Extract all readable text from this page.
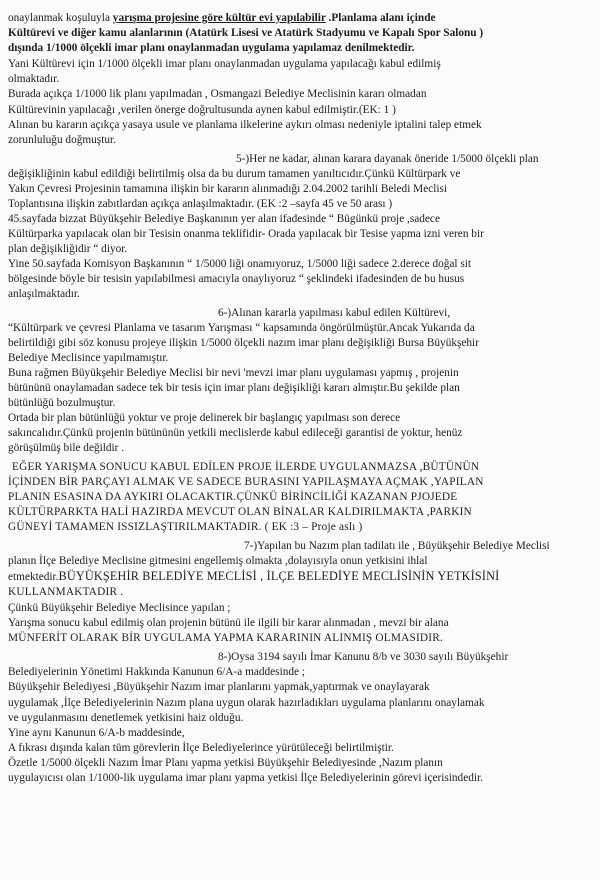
onaylanmak koşuluyla yarışma projesine göre kültür evi yapılabilir .Planlama alanı içinde
Kültürevi ve diğer kamu alanlarının (Atatürk Lisesi ve Atatürk Stadyumu ve Kapalı Spor Salonu )
dışında 1/1000 ölçekli imar planı onaylanmadan uygulama yapılamaz denilmektedir.
Yani Kültürevi için 1/1000 ölçekli imar planı onaylanmadan uygulama yapılacağı kabul edilmiş
olmaktadır.
Burada açıkça 1/1000 lik planı yapılmadan , Osmangazi Belediye Meclisinin kararı olmadan
Kültürevinin yapılacağı ,verilen önerge doğrultusunda aynen kabul edilmiştir.(EK: 1 )
Alınan bu kararın açıkça yasaya usule ve planlama ilkelerine aykırı olması nedeniyle iptalini talep etmek
zorunluluğu doğmuştur.
5-)Her ne kadar, alınan karara dayanak öneride 1/5000 ölçekli plan
değişikliğinin kabul edildiği belirtilmiş olsa da bu durum tamamen yanıltıcıdır.Çünkü Kültürpark ve
Yakın Çevresi Projesinin tamamına ilişkin bir kararın alınmadığı 2.04.2002 tarihli Beledi Meclisi
Toplantısına ilişkin zabıtlardan açıkça anlaşılmaktadır. (EK :2 –sayfa 45 ve 50 arası )
45.sayfada bizzat Büyükşehir Belediye Başkanının yer alan ifadesinde “ Bügünkü proje ,sadece
Kültürparka yapılacak olan bir Tesisin onanma teklifidir- Orada yapılacak bir Tesise yapma izni veren bir
plan değişikliğidir “ diyor.
Yine 50.sayfada Komisyon Başkanının “ 1/5000 liği onamıyoruz, 1/5000 liği sadece 2.derece doğal sit
bölgesinde böyle bir tesisin yapılabilmesi amacıyla onaylıyoruz “ şeklindeki ifadesinden de bu husus
anlaşılmaktadır.
6-)Alınan kararla yapılması kabul edilen Kültürevi,
“Kültürpark ve çevresi Planlama ve tasarım Yarışması “ kapsamında öngörülmüştür.Ancak Yukarıda da
belirtildiği gibi söz konusu projeye ilişkin 1/5000 ölçekli nazım imar planı değişikliği Bursa Büyükşehir
Belediye Meclisince yapılmamıştır.
Buna rağmen Büyükşehir Belediye Meclisi bir nevi 'mevzi imar planı uygulaması yapmış , projenin
bütününü onaylamadan sadece tek bir tesis için imar planı değişikliği kararı almıştır.Bu şekilde plan
bütünlüğü bozulmuştur.
Ortada bir plan bütünlüğü yoktur ve proje delinerek bir başlangıç yapılması son derece
sakıncalıdır.Çünkü projenin bütününün yetkili meclislerde kabul edileceği garantisi de yoktur, henüz
görüşülmüş bile değildir .
EĞER YARIŞMA SONUCU KABUL EDİLEN PROJE İLERDE UYGULANMAZSA ,BÜTÜNÜN
İÇİNDEN BİR PARÇAYI ALMAK VE SADECE BURASINI YAPILAŞMAYA AÇMAK ,YAPILAN
PLANIN ESASINA DA AYKIRI OLACAKTIR.ÇÜNKÜ BİRİNCİLİĞİ KAZANAN PJOJEDE
KÜLTÜRPARKTA HALİ HAZIRDA MEVCUT OLAN BİNALAR KALDIRILMAKTA ,PARKIN
GÜNEYİ TAMAMEN ISSIZLAŞTIRILMAKTADIR. ( EK :3 – Proje aslı )
7-)Yapılan bu Nazım plan tadilatı ile , Büyükşehir Belediye Meclisi
planın İlçe Belediye Meclisine gitmesini engellemiş olmakta ,dolayısıyla onun yetkisini ihlal
etmektedir.BÜYÜKŞEHİR BELEDİYE MECLİSİ , İLÇE BELEDİYE MECLİSİNİN YETKİSİNİ
KULLANMAKTADIR .
Çünkü Büyükşehir Belediye Meclisince yapılan ;
Yarışma sonucu kabul edilmiş olan projenin bütünü ile ilgili bir karar alınmadan , mevzi bir alana
MÜNFERİT OLARAK BİR UYGULAMA YAPMA KARARININ ALINMIŞ OLMASIDIR.
8-)Oysa 3194 sayılı İmar Kanunu 8/b ve 3030 sayılı Büyükşehir
Belediyelerinin Yönetimi Hakkında Kanunun 6/A-a maddesinde ;
Büyükşehir Belediyesi ,Büyükşehir Nazım imar planlarını yapmak,yaptırmak ve onaylayarak
uygulamak ,İlçe Belediyelerinin Nazım plana uygun olarak hazırladıkları uygulama planlarını onaylamak
ve uygulanmasını denetlemek yetkisini haiz olduğu.
Yine aynı Kanunun 6/A-b maddesinde,
A fıkrası dışında kalan tüm görevlerin İlçe Belediyelerince yürütüleceği belirtilmiştir.
Özetle 1/5000 ölçekli Nazım İmar Planı yapma yetkisi Büyükşehir Belediyesinde ,Nazım planın
uygulayıcısı olan 1/1000-lik uygulama imar planı yapma yetkisi İlçe Belediyelerinin görevi içerisindedir.
